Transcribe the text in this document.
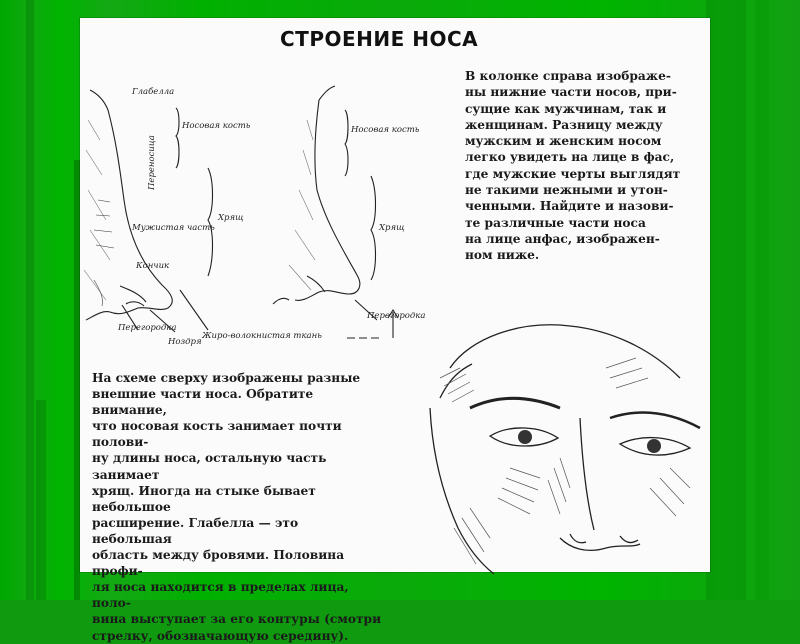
СТРОЕНИЕ НОСА
Глабелла
Носовая кость
Хрящ
Мужистая часть
Кончик
Перегородка
Ноздря
Жиро-волокнистая ткань
Переносица
Носовая кость
Хрящ
Перегородка
В колонке справа изображе-
ны нижние части носов, при-
сущие как мужчинам, так и
женщинам. Разницу между
мужским и женским носом
легко увидеть на лице в фас,
где мужские черты выглядят
не такими нежными и утон-
ченными. Найдите и назови-
те различные части носа
на лице анфас, изображен-
ном ниже.
На схеме сверху изображены разные
внешние части носа. Обратите внимание,
что носовая кость занимает почти полови-
ну длины носа, остальную часть занимает
хрящ. Иногда на стыке бывает небольшое
расширение. Глабелла — это небольшая
область между бровями. Половина профи-
ля носа находится в пределах лица, поло-
вина выступает за его контуры (смотри
стрелку, обозначающую середину).
